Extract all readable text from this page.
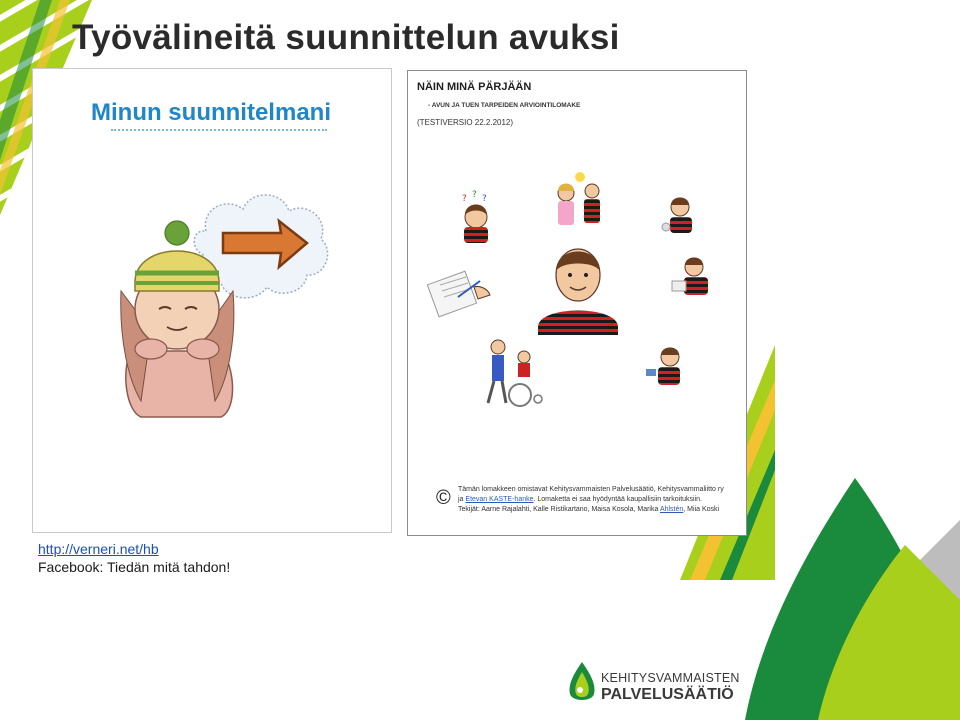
Työvälineitä suunnittelun avuksi
Minun suunnitelmani
NÄIN MINÄ PÄRJÄÄN
- AVUN JA TUEN TARPEIDEN ARVIOINTILOMAKE
(TESTIVERSIO 22.2.2012)
? ? ?
© Tämän lomakkeen omistavat Kehitysvammaisten Palvelusäätiö, Kehitysvammaliitto ry
ja Etevan KASTE-hanke. Lomaketta ei saa hyödyntää kaupallisiin tarkoituksiin.
Tekijät: Aarne Rajalahti, Kalle Ristikartano, Maisa Kosola, Marika Ahlstén, Miia Koski
http://verneri.net/hb
Facebook: Tiedän mitä tahdon!
KEHITYSVAMMAISTEN
PALVELUSÄÄTIÖ
